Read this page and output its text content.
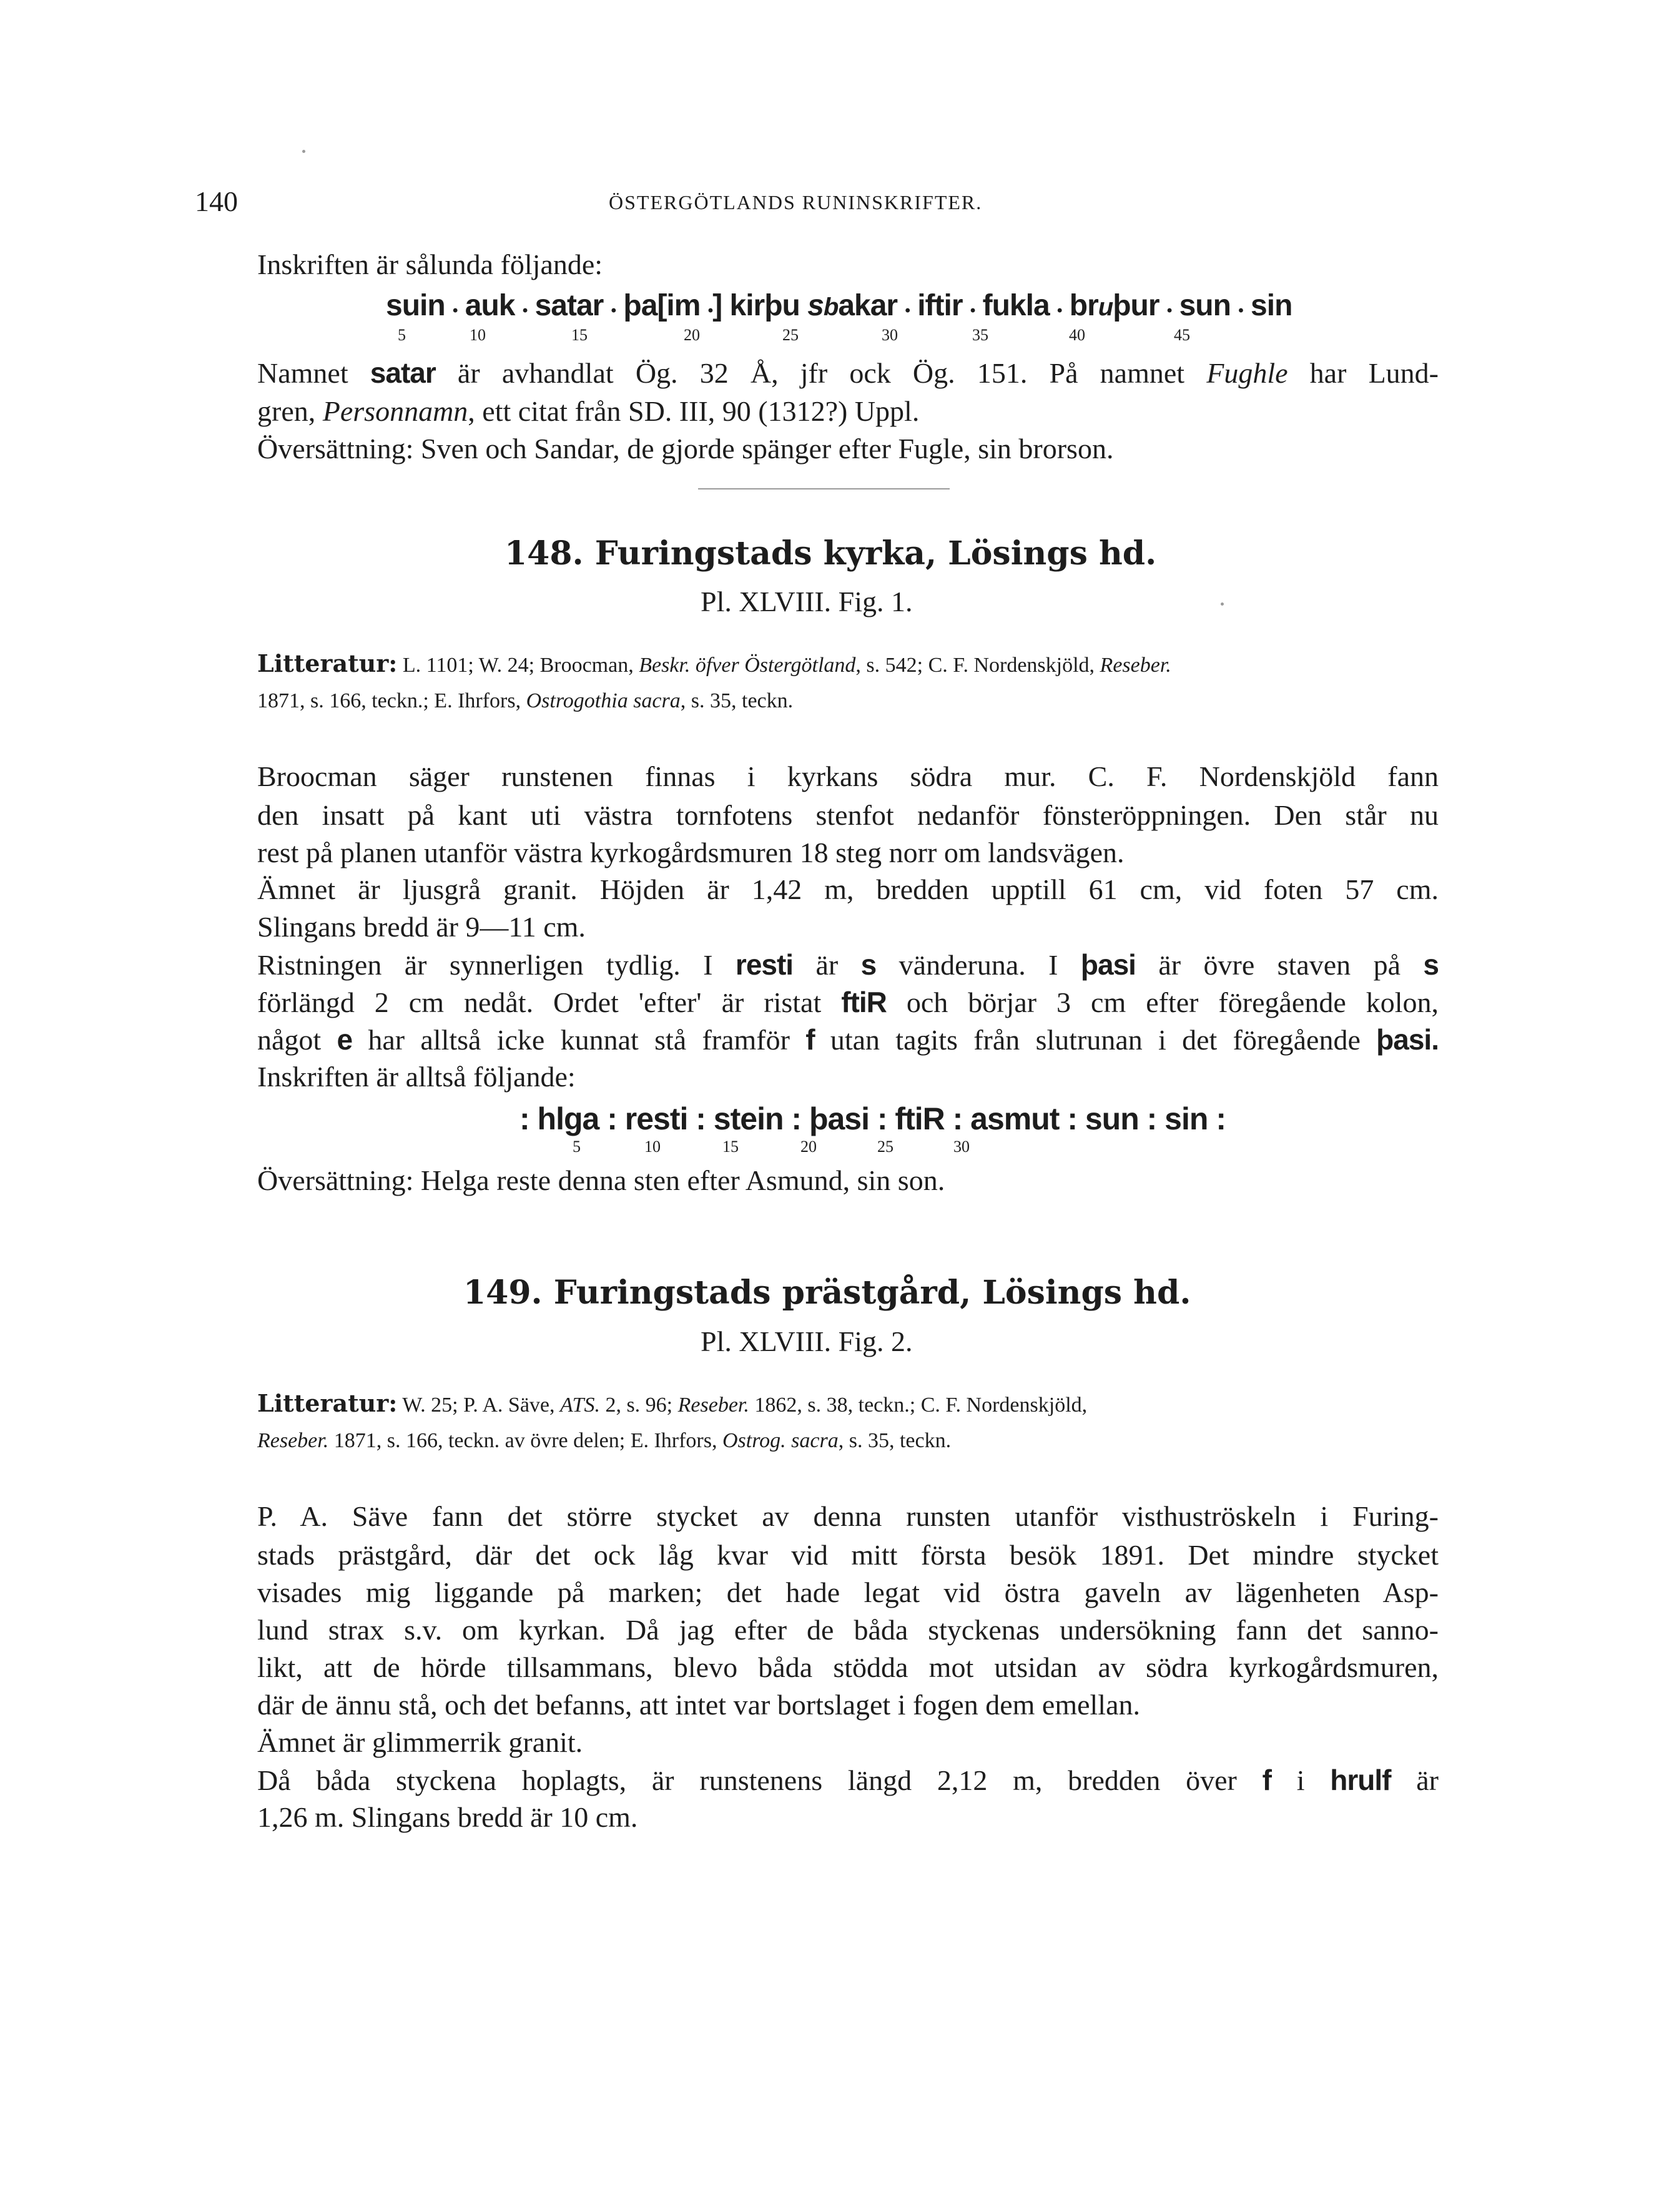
140	ÖSTERGÖTLANDS RUNINSKRIFTER.
Inskriften är sålunda följande:
suin • auk • satar • þa[im •] kirþu sbakar • iftir • fukla • bruþur • sun • sin
5	10	15	20	25	30	35	40	45
Namnet satar är avhandlat Ög. 32 Å, jfr ock Ög. 151. På namnet Fughle har Lund-
gren, Personnamn, ett citat från SD. III, 90 (1312?) Uppl.
Översättning: Sven och Sandar, de gjorde spänger efter Fugle, sin brorson.
148. Furingstads kyrka, Lösings hd.
Pl. XLVIII. Fig. 1.
Litteratur: L. 1101; W. 24; Broocman, Beskr. öfver Östergötland, s. 542; C. F. Nordenskjöld, Reseber.
1871, s. 166, teckn.; E. Ihrfors, Ostrogothia sacra, s. 35, teckn.
Broocman säger runstenen finnas i kyrkans södra mur. C. F. Nordenskjöld fann
den insatt på kant uti västra tornfotens stenfot nedanför fönsteröppningen. Den står nu
rest på planen utanför västra kyrkogårdsmuren 18 steg norr om landsvägen.
Ämnet är ljusgrå granit. Höjden är 1,42 m, bredden upptill 61 cm, vid foten 57 cm.
Slingans bredd är 9—11 cm.
Ristningen är synnerligen tydlig. I resti är s vänderuna. I þasi är övre staven på s
förlängd 2 cm nedåt. Ordet 'efter' är ristat ftiR och börjar 3 cm efter föregående kolon,
något e har alltså icke kunnat stå framför f utan tagits från slutrunan i det föregående þasi.
Inskriften är alltså följande:
: hlga : resti : stein : þasi : ftiR : asmut : sun : sin :
5	10	15	20	25	30
Översättning: Helga reste denna sten efter Asmund, sin son.
149. Furingstads prästgård, Lösings hd.
Pl. XLVIII. Fig. 2.
Litteratur: W. 25; P. A. Säve, ATS. 2, s. 96; Reseber. 1862, s. 38, teckn.; C. F. Nordenskjöld,
Reseber. 1871, s. 166, teckn. av övre delen; E. Ihrfors, Ostrog. sacra, s. 35, teckn.
P. A. Säve fann det större stycket av denna runsten utanför visthuströskeln i Furing-
stads prästgård, där det ock låg kvar vid mitt första besök 1891. Det mindre stycket
visades mig liggande på marken; det hade legat vid östra gaveln av lägenheten Asp-
lund strax s.v. om kyrkan. Då jag efter de båda styckenas undersökning fann det sanno-
likt, att de hörde tillsammans, blevo båda stödda mot utsidan av södra kyrkogårdsmuren,
där de ännu stå, och det befanns, att intet var bortslaget i fogen dem emellan.
Ämnet är glimmerrik granit.
Då båda styckena hoplagts, är runstenens längd 2,12 m, bredden över f i hrulf är
1,26 m. Slingans bredd är 10 cm.
